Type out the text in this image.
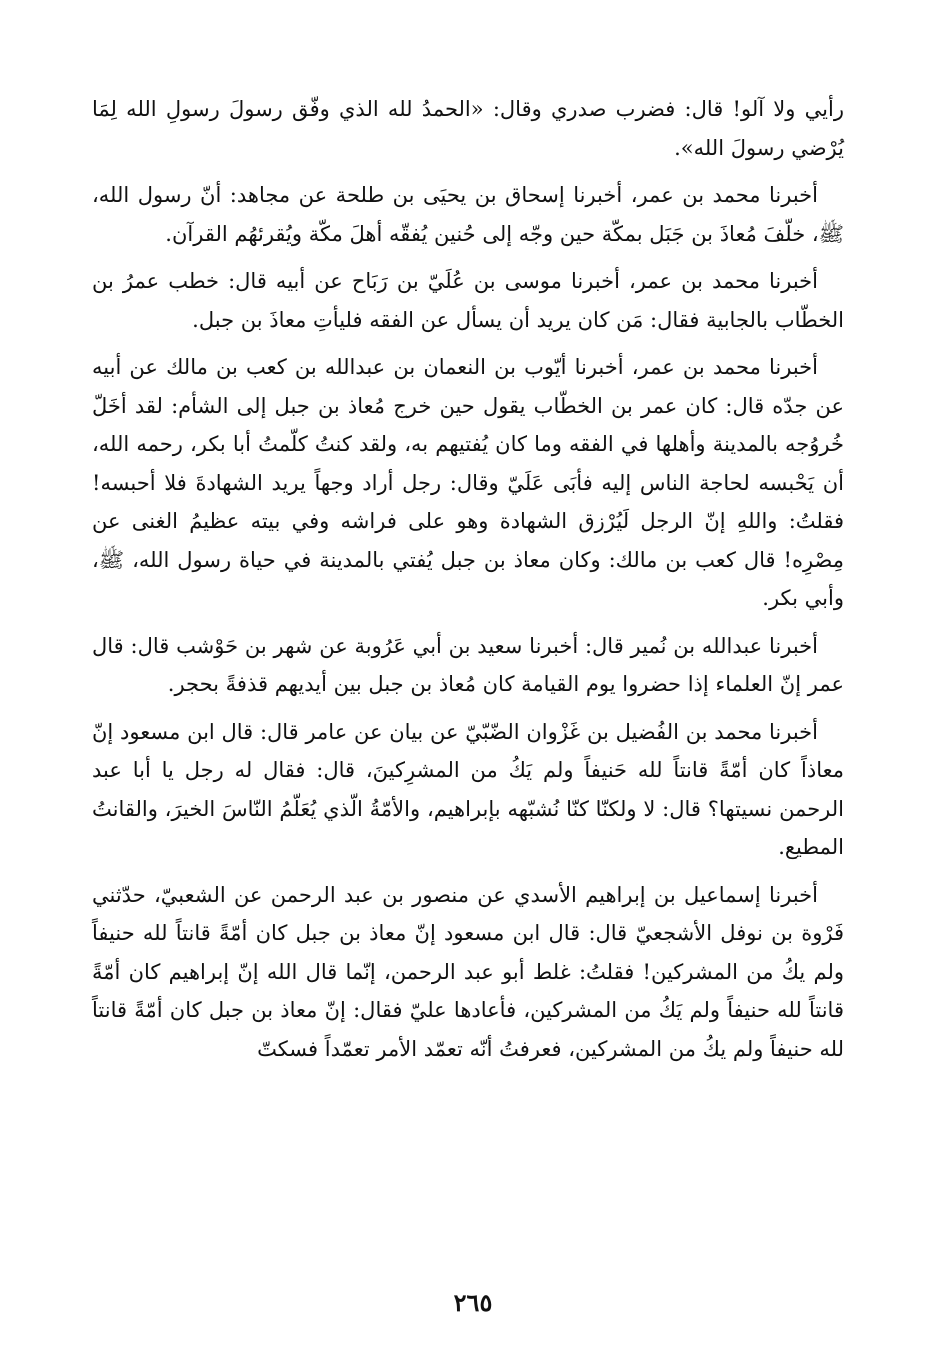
رأيي ولا آلو! قال: فضرب صدري وقال: «الحمدُ لله الذي وفّق رسولَ رسولِ الله لِمَا يُرْضي رسولَ الله».

أخبرنا محمد بن عمر، أخبرنا إسحاق بن يحيَى بن طلحة عن مجاهد: أنّ رسول الله، ﷺ، خلّفَ مُعاذَ بن جَبَل بمكّة حين وجّه إلى حُنين يُفقّه أهلَ مكّة ويُقرئهُم القرآن.

أخبرنا محمد بن عمر، أخبرنا موسى بن عُلَيّ بن رَبَاح عن أبيه قال: خطب عمرُ بن الخطّاب بالجابية فقال: مَن كان يريد أن يسأل عن الفقه فليأتِ معاذَ بن جبل.

أخبرنا محمد بن عمر، أخبرنا أيّوب بن النعمان بن عبدالله بن كعب بن مالك عن أبيه عن جدّه قال: كان عمر بن الخطّاب يقول حين خرج مُعاذ بن جبل إلى الشأم: لقد أخَلّ خُروُجه بالمدينة وأهلها في الفقه وما كان يُفتيهم به، ولقد كنتُ كلّمتُ أبا بكر، رحمه الله، أن يَحْبسه لحاجة الناس إليه فأبَى عَلَيّ وقال: رجل أراد وجهاً يريد الشهادةَ فلا أحبسه! فقلتُ: واللهِ إنّ الرجل لَيُرْزق الشهادة وهو على فراشه وفي بيته عظيمُ الغنى عن مِصْرِه! قال كعب بن مالك: وكان معاذ بن جبل يُفتي بالمدينة في حياة رسول الله، ﷺ، وأبي بكر.

أخبرنا عبدالله بن نُمير قال: أخبرنا سعيد بن أبي عَرُوبة عن شهر بن حَوْشب قال: قال عمر إنّ العلماء إذا حضروا يوم القيامة كان مُعاذ بن جبل بين أيديهم قذفةً بحجر.

أخبرنا محمد بن الفُضيل بن غَزْوان الضّبّيّ عن بيان عن عامر قال: قال ابن مسعود إنّ معاذاً كان أمّةً قانتاً لله حَنيفاً ولم يَكُ من المشرِكينَ، قال: فقال له رجل يا أبا عبد الرحمن نسيتها؟ قال: لا ولكنّا كنّا نُشبّهه بإبراهيم، والأمّةُ الّذي يُعَلّمُ النّاسَ الخيرَ، والقانتُ المطيع.

أخبرنا إسماعيل بن إبراهيم الأسدي عن منصور بن عبد الرحمن عن الشعبيّ، حدّثني فَرْوة بن نوفل الأشجعيّ قال: قال ابن مسعود إنّ معاذ بن جبل كان أمّةً قانتاً لله حنيفاً ولم يكُ من المشركين! فقلتُ: غلط أبو عبد الرحمن، إنّما قال الله إنّ إبراهيم كان أمّةً قانتاً لله حنيفاً ولم يَكُ من المشركين، فأعادها عليّ فقال: إنّ معاذ بن جبل كان أمّةً قانتاً لله حنيفاً ولم يكُ من المشركين، فعرفتُ أنّه تعمّد الأمر تعمّداً فسكتّ

٢٦٥
